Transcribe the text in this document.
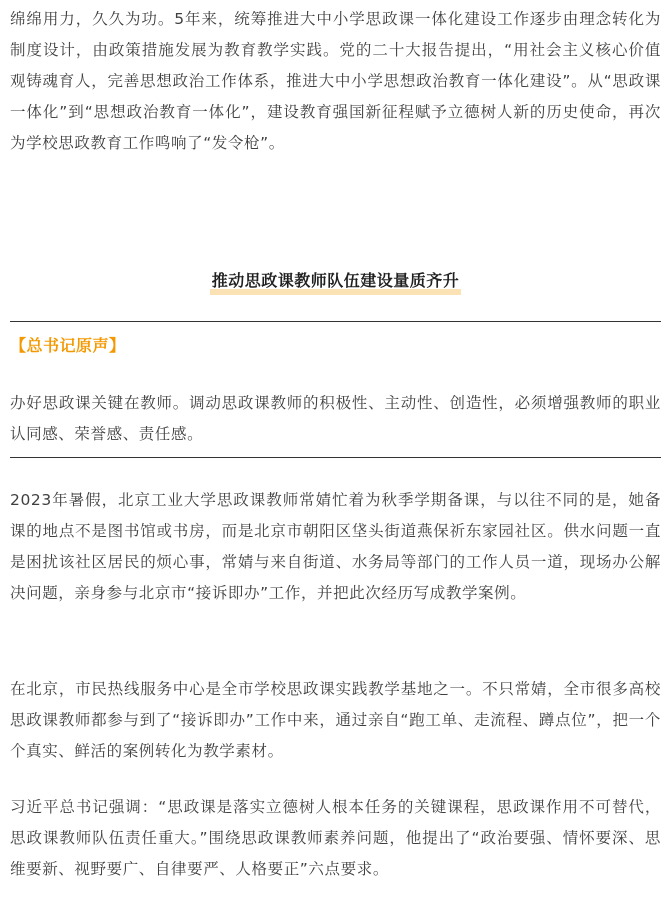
绵绵用力，久久为功。5年来，统筹推进大中小学思政课一体化建设工作逐步由理念转化为制度设计，由政策措施发展为教育教学实践。党的二十大报告提出，“用社会主义核心价值观铸魂育人，完善思想政治工作体系，推进大中小学思想政治教育一体化建设”。从“思政课一体化”到“思想政治教育一体化”，建设教育强国新征程赋予立德树人新的历史使命，再次为学校思政教育工作鸣响了“发令枪”。

推动思政课教师队伍建设量质齐升
【总书记原声】

办好思政课关键在教师。调动思政课教师的积极性、主动性、创造性，必须增强教师的职业认同感、荣誉感、责任感。

2023年暑假，北京工业大学思政课教师常婧忙着为秋季学期备课，与以往不同的是，她备课的地点不是图书馆或书房，而是北京市朝阳区垡头街道燕保祈东家园社区。供水问题一直是困扰该社区居民的烦心事，常婧与来自街道、水务局等部门的工作人员一道，现场办公解决问题，亲身参与北京市“接诉即办”工作，并把此次经历写成教学案例。

在北京，市民热线服务中心是全市学校思政课实践教学基地之一。不只常婧，全市很多高校思政课教师都参与到了“接诉即办”工作中来，通过亲自“跑工单、走流程、蹲点位”，把一个个真实、鲜活的案例转化为教学素材。

习近平总书记强调：“思政课是落实立德树人根本任务的关键课程，思政课作用不可替代，思政课教师队伍责任重大。”围绕思政课教师素养问题，他提出了“政治要强、情怀要深、思维要新、视野要广、自律要严、人格要正”六点要求。
